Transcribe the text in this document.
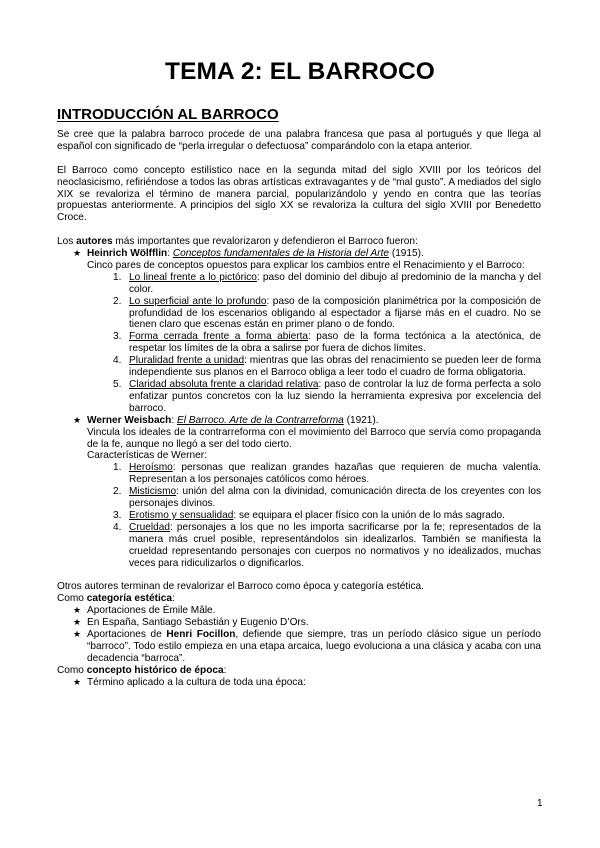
TEMA 2: EL BARROCO
INTRODUCCIÓN AL BARROCO

Se cree que la palabra barroco procede de una palabra francesa que pasa al portugués y que llega al español con significado de “perla irregular o defectuosa” comparándolo con la etapa anterior.

El Barroco como concepto estilístico nace en la segunda mitad del siglo XVIII por los teóricos del neoclasicismo, refiriéndose a todos las obras artísticas extravagantes y de “mal gusto”. A mediados del siglo XIX se revaloriza el término de manera parcial, popularizándolo y yendo en contra que las teorías propuestas anteriormente. A principios del siglo XX se revaloriza la cultura del siglo XVIII por Benedetto Croce.

Los autores más importantes que revalorizaron y defendieron el Barroco fueron:

★ Heinrich Wölfflin: Conceptos fundamentales de la Historia del Arte (1915).

Cinco pares de conceptos opuestos para explicar los cambios entre el Renacimiento y el Barroco:

1. Lo lineal frente a lo pictórico: paso del dominio del dibujo al predominio de la mancha y del color.
2. Lo superficial ante lo profundo: paso de la composición planimétrica por la composición de profundidad de los escenarios obligando al espectador a fijarse más en el cuadro. No se tienen claro que escenas están en primer plano o de fondo.
3. Forma cerrada frente a forma abierta: paso de la forma tectónica a la atectónica, de respetar los límites de la obra a salirse por fuera de dichos límites.
4. Pluralidad frente a unidad: mientras que las obras del renacimiento se pueden leer de forma independiente sus planos en el Barroco obliga a leer todo el cuadro de forma obligatoria.
5. Claridad absoluta frente a claridad relativa: paso de controlar la luz de forma perfecta a solo enfatizar puntos concretos con la luz siendo la herramienta expresiva por excelencia del barroco.
★ Werner Weisbach: El Barroco. Arte de la Contrarreforma (1921).

Vincula los ideales de la contrarreforma con el movimiento del Barroco que servía como propaganda de la fe, aunque no llegó a ser del todo cierto.

Características de Werner:

1. Heroísmo: personas que realizan grandes hazañas que requieren de mucha valentía. Representan a los personajes católicos como héroes.
2. Misticismo: unión del alma con la divinidad, comunicación directa de los creyentes con los personajes divinos.
3. Erotismo y sensualidad: se equipara el placer físico con la unión de lo más sagrado.
4. Crueldad: personajes a los que no les importa sacrificarse por la fe; representados de la manera más cruel posible, representándolos sin idealizarlos. También se manifiesta la crueldad representando personajes con cuerpos no normativos y no idealizados, muchas veces para ridiculizarlos o dignificarlos.

Otros autores terminan de revalorizar el Barroco como época y categoría estética.

Como categoría estética:

★ Aportaciones de Émile Mâle.
★ En España, Santiago Sebastián y Eugenio D’Ors.
★ Aportaciones de Henri Focillon, defiende que siempre, tras un período clásico sigue un período “barroco”. Todo estilo empieza en una etapa arcaica, luego evoluciona a una clásica y acaba con una decadencia “barroca”.

Como concepto histórico de época:

★ Término aplicado a la cultura de toda una época:
1
